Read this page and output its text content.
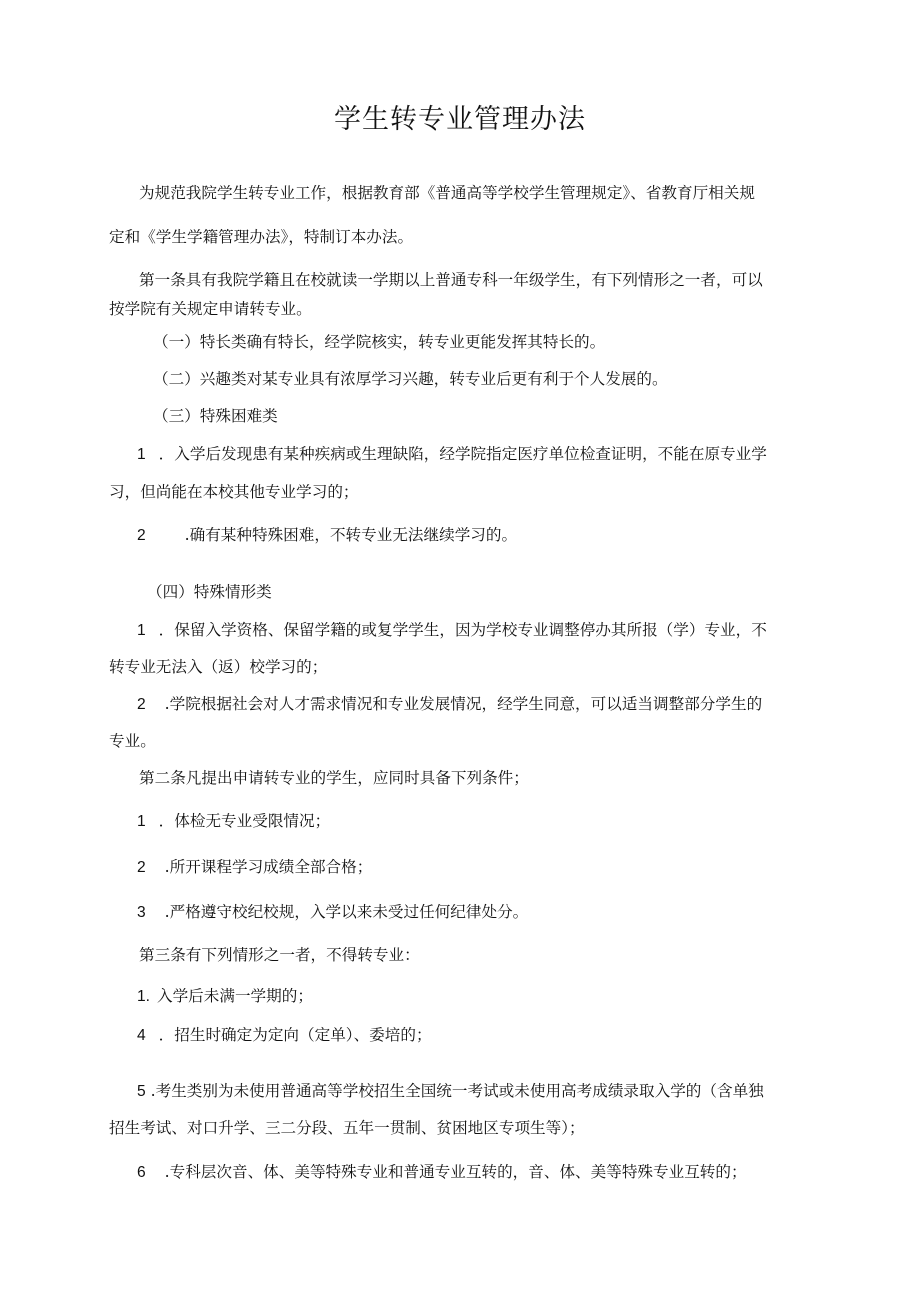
学生转专业管理办法
为规范我院学生转专业工作，根据教育部《普通高等学校学生管理规定》、省教育厅相关规
定和《学生学籍管理办法》，特制订本办法。
第一条具有我院学籍且在校就读一学期以上普通专科一年级学生，有下列情形之一者，可以
按学院有关规定申请转专业。
（一）特长类确有特长，经学院核实，转专业更能发挥其特长的。
（二）兴趣类对某专业具有浓厚学习兴趣，转专业后更有利于个人发展的。
（三）特殊困难类
1 ．入学后发现患有某种疾病或生理缺陷，经学院指定医疗单位检查证明，不能在原专业学
习，但尚能在本校其他专业学习的；
2 .确有某种特殊困难，不转专业无法继续学习的。
（四）特殊情形类
1 ．保留入学资格、保留学籍的或复学学生，因为学校专业调整停办其所报（学）专业，不
转专业无法入（返）校学习的；
2 .学院根据社会对人才需求情况和专业发展情况，经学生同意，可以适当调整部分学生的
专业。
第二条凡提出申请转专业的学生，应同时具备下列条件；
1 ．体检无专业受限情况；
2 .所开课程学习成绩全部合格；
3 .严格遵守校纪校规，入学以来未受过任何纪律处分。
第三条有下列情形之一者，不得转专业：
1. 入学后未满一学期的；
4 ．招生时确定为定向（定单）、委培的；
5 .考生类别为未使用普通高等学校招生全国统一考试或未使用高考成绩录取入学的（含单独
招生考试、对口升学、三二分段、五年一贯制、贫困地区专项生等）；
6 .专科层次音、体、美等特殊专业和普通专业互转的，音、体、美等特殊专业互转的；
